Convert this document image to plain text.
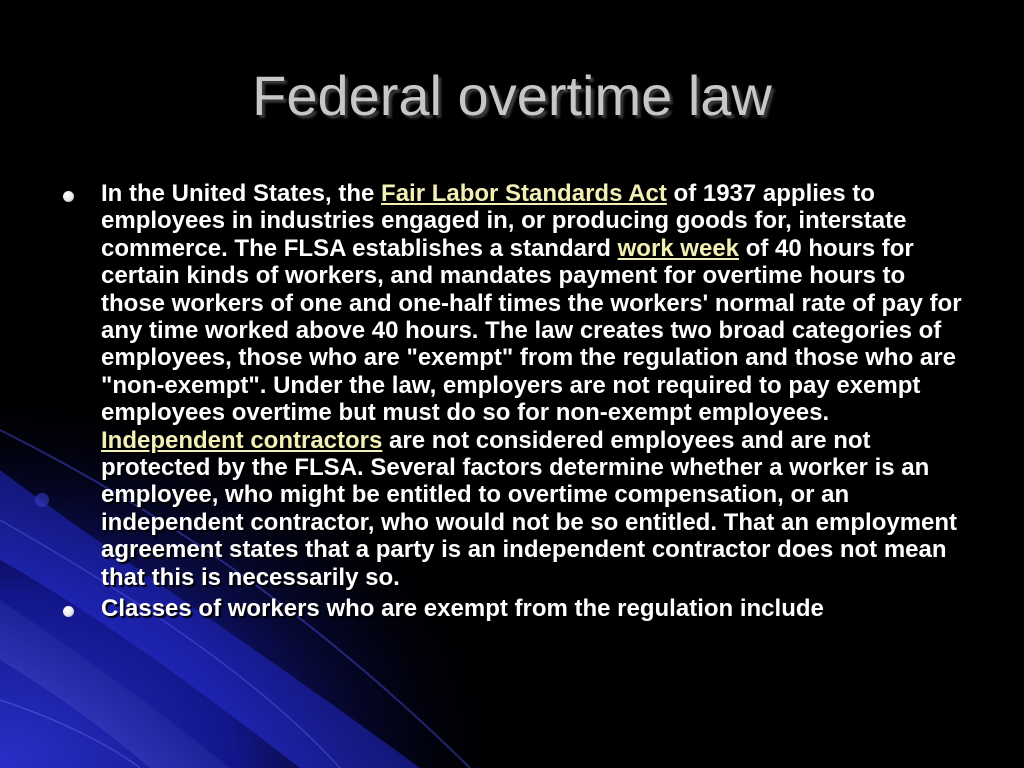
Federal overtime law
In the United States, the Fair Labor Standards Act of 1937 applies to employees in industries engaged in, or producing goods for, interstate commerce. The FLSA establishes a standard work week of 40 hours for certain kinds of workers, and mandates payment for overtime hours to those workers of one and one-half times the workers' normal rate of pay for any time worked above 40 hours. The law creates two broad categories of employees, those who are "exempt" from the regulation and those who are "non-exempt". Under the law, employers are not required to pay exempt employees overtime but must do so for non-exempt employees. Independent contractors are not considered employees and are not protected by the FLSA. Several factors determine whether a worker is an employee, who might be entitled to overtime compensation, or an independent contractor, who would not be so entitled. That an employment agreement states that a party is an independent contractor does not mean that this is necessarily so.
Classes of workers who are exempt from the regulation include
